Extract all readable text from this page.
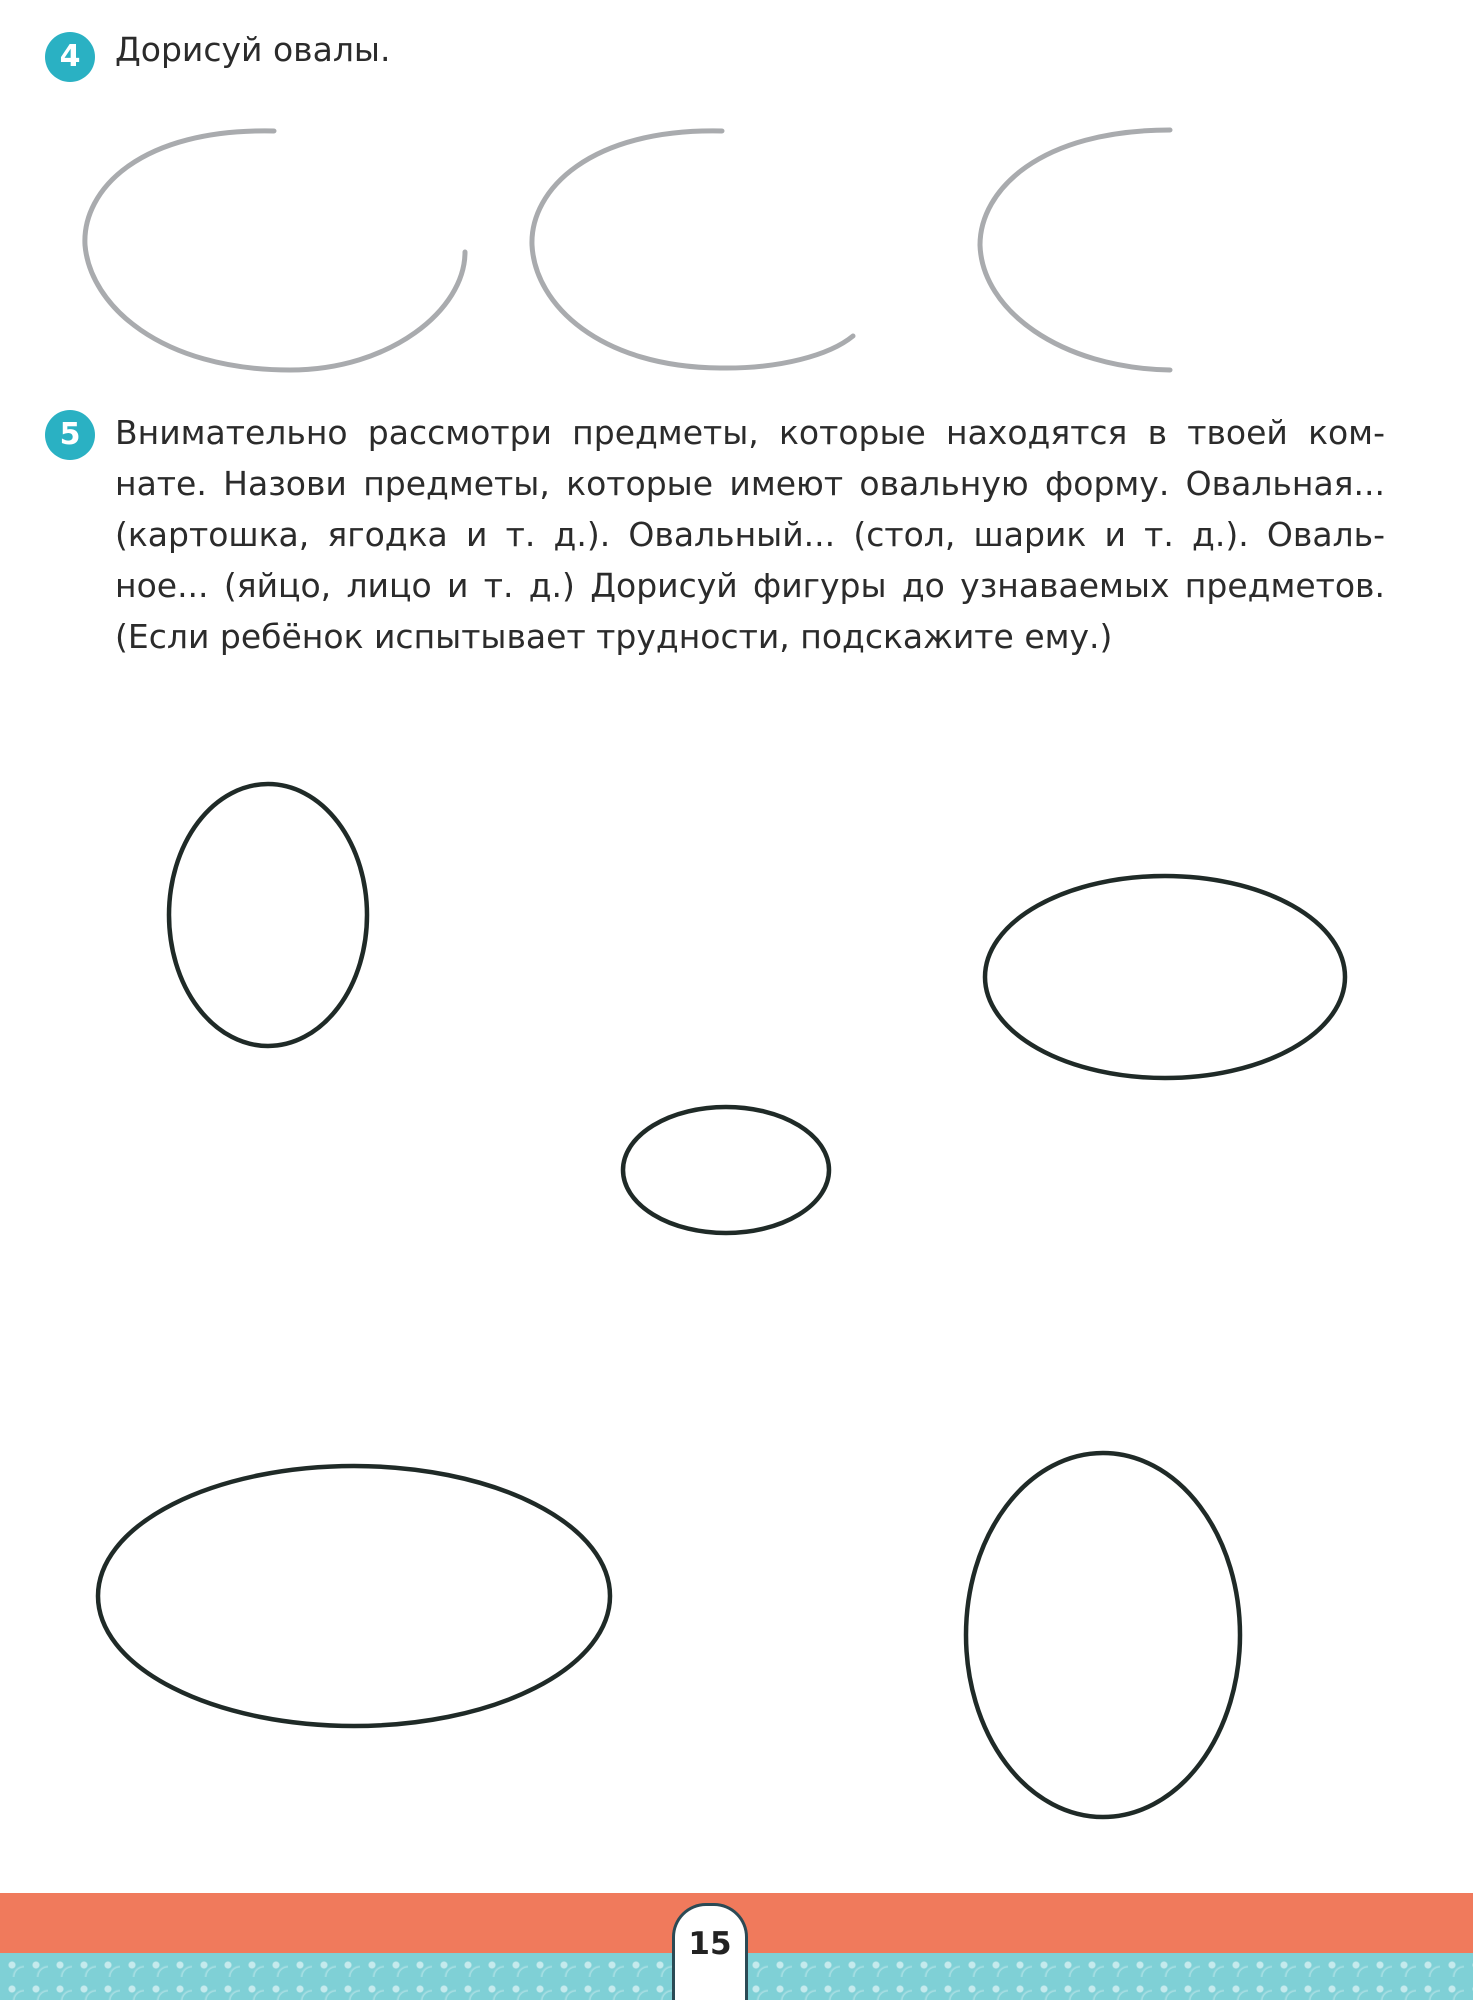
4	Дорисуй овалы.

5	Внимательно рассмотри предметы, которые находятся в твоей ком-
нате. Назови предметы, которые имеют овальную форму. Овальная...
(картошка, ягодка и т. д.). Овальный... (стол, шарик и т. д.). Оваль-
ное... (яйцо, лицо и т. д.) Дорисуй фигуры до узнаваемых предметов.
(Если ребёнок испытывает трудности, подскажите ему.)
15
